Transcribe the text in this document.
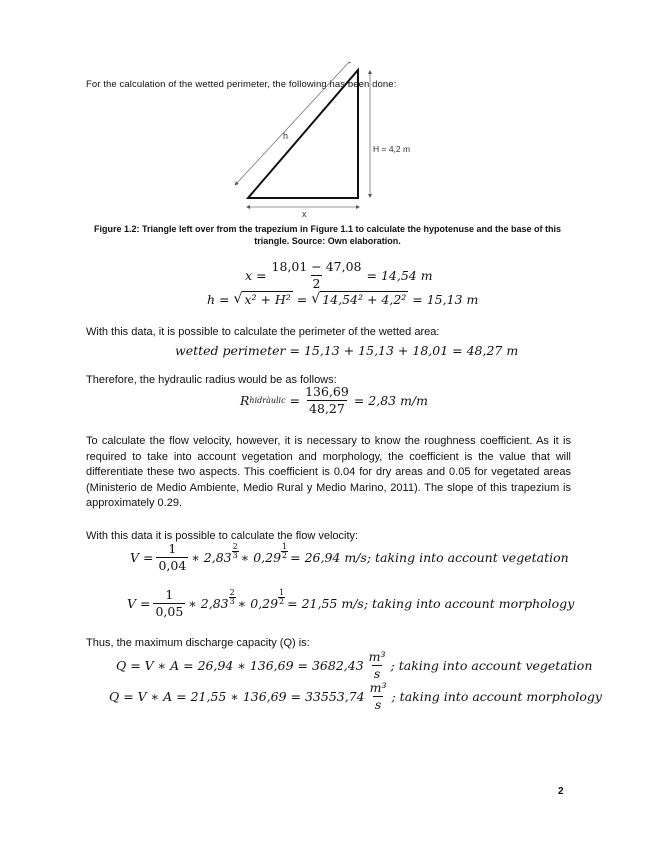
For the calculation of the wetted perimeter, the following has been done:
h
H = 4,2 m
x
Figure 1.2: Triangle left over from the trapezium in Figure 1.1 to calculate the hypotenuse and the base of this
triangle. Source: Own elaboration.
$x = \frac{18,01 - 47,08}{2} = 14,54$ m
h =
√ x² + H²
=
√ 14,54² + 4,2²
= 15,13 m
With this data, it is possible to calculate the perimeter of the wetted area:
wetted perimeter = 15,13 + 15,13 + 18,01 = 48,27 m
Therefore, the hydraulic radius would be as follows:
R hidràulic
= $\frac{136,69}{48,27} = 2,83$ m/m
To calculate the flow velocity, however, it is necessary to know the roughness coefficient. As it is required to take into account vegetation and morphology, the coefficient is the value that will differentiate these two aspects. This coefficient is 0.04 for dry areas and 0.05 for vegetated areas (Ministerio de Medio Ambiente, Medio Rural y Medio Marino, 2011). The slope of this trapezium is approximately 0.29.
With this data it is possible to calculate the flow velocity:
$V = \frac{1}{0,04}$ ∗ $2,83 \frac{2}{3}$ ∗ $0,29 \frac{1}{2} = 26,94$ m/s; taking into account vegetation
$V = \frac{1}{0,05}$ ∗ $2,83 \frac{2}{3}$ ∗ $0,29 \frac{1}{2} = 21,55$ m/s; taking into account morphology
Thus, the maximum discharge capacity (Q) is:
Q = V ∗ A = 26,94 ∗ $136,69 = 3682,43 \frac{\text{m³}}{s}$ ; taking into account vegetation
Q = V ∗ A = 21,55 ∗ $136,69 = 33553,74 \frac{\text{m³}}{s}$ ; taking into account morphology
2
